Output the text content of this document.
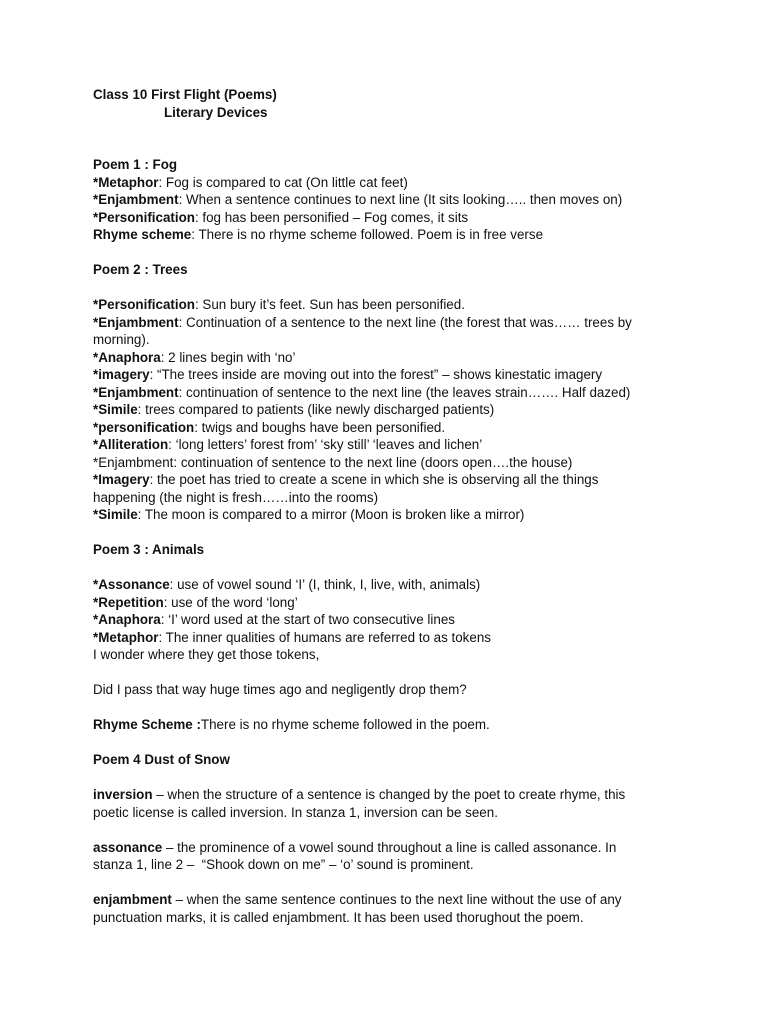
Class 10 First Flight (Poems)
Literary Devices
Poem 1 : Fog
*Metaphor: Fog is compared to cat (On little cat feet)
*Enjambment: When a sentence continues to next line (It sits looking….. then moves on)
*Personification: fog has been personified – Fog comes, it sits
Rhyme scheme: There is no rhyme scheme followed. Poem is in free verse
Poem 2 : Trees
*Personification: Sun bury it’s feet. Sun has been personified.
*Enjambment: Continuation of a sentence to the next line (the forest that was…… trees by
morning).
*Anaphora: 2 lines begin with ‘no’
*imagery: “The trees inside are moving out into the forest” – shows kinestatic imagery
*Enjambment: continuation of sentence to the next line (the leaves strain……. Half dazed)
*Simile: trees compared to patients (like newly discharged patients)
*personification: twigs and boughs have been personified.
*Alliteration: ‘long letters’ forest from’ ‘sky still’ ‘leaves and lichen’
*Enjambment: continuation of sentence to the next line (doors open….the house)
*Imagery: the poet has tried to create a scene in which she is observing all the things
happening (the night is fresh……into the rooms)
*Simile: The moon is compared to a mirror (Moon is broken like a mirror)
Poem 3 : Animals
*Assonance: use of vowel sound ‘I’ (I, think, I, live, with, animals)
*Repetition: use of the word ‘long’
*Anaphora: ‘I’ word used at the start of two consecutive lines
*Metaphor: The inner qualities of humans are referred to as tokens
I wonder where they get those tokens,
Did I pass that way huge times ago and negligently drop them?
Rhyme Scheme :There is no rhyme scheme followed in the poem.
Poem 4 Dust of Snow
inversion – when the structure of a sentence is changed by the poet to create rhyme, this
poetic license is called inversion. In stanza 1, inversion can be seen.
assonance – the prominence of a vowel sound throughout a line is called assonance. In
stanza 1, line 2 –  “Shook down on me” – ‘o’ sound is prominent.
enjambment – when the same sentence continues to the next line without the use of any
punctuation marks, it is called enjambment. It has been used thorughout the poem.
